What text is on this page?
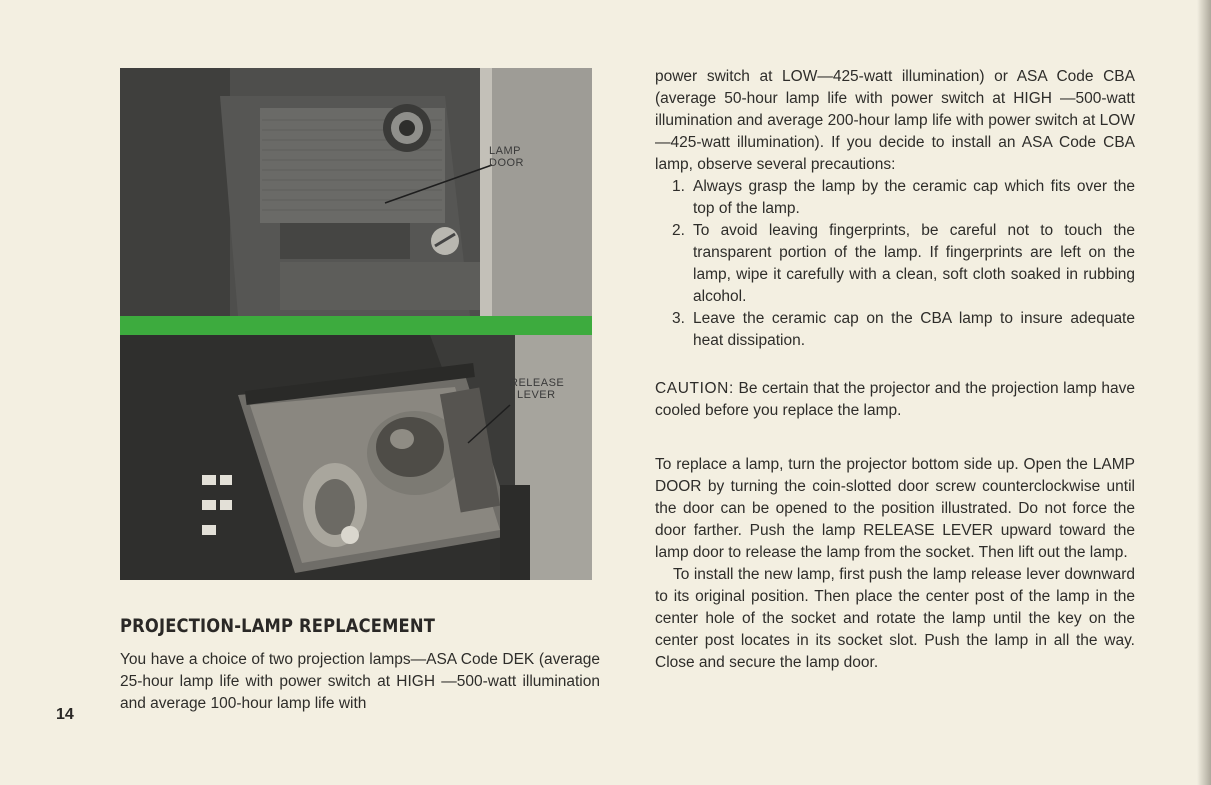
LAMP
DOOR
RELEASE
LEVER
PROJECTION-LAMP REPLACEMENT
You have a choice of two projection lamps—ASA Code DEK (average 25-hour lamp life with power switch at HIGH —500-watt illumination and average 100-hour lamp life with
14

power switch at LOW—425-watt illumination) or ASA Code CBA (average 50-hour lamp life with power switch at HIGH —500-watt illumination and average 200-hour lamp life with power switch at LOW—425-watt illumination). If you decide to install an ASA Code CBA lamp, observe several precautions:

1. Always grasp the lamp by the ceramic cap which fits over the top of the lamp.
2. To avoid leaving fingerprints, be careful not to touch the transparent portion of the lamp. If fingerprints are left on the lamp, wipe it carefully with a clean, soft cloth soaked in rubbing alcohol.
3. Leave the ceramic cap on the CBA lamp to insure adequate heat dissipation.

CAUTION: Be certain that the projector and the projection lamp have cooled before you replace the lamp.

To replace a lamp, turn the projector bottom side up. Open the LAMP DOOR by turning the coin-slotted door screw counterclockwise until the door can be opened to the position illustrated. Do not force the door farther. Push the lamp RELEASE LEVER upward toward the lamp door to release the lamp from the socket. Then lift out the lamp.

To install the new lamp, first push the lamp release lever downward to its original position. Then place the center post of the lamp in the center hole of the socket and rotate the lamp until the key on the center post locates in its socket slot. Push the lamp in all the way. Close and secure the lamp door.
